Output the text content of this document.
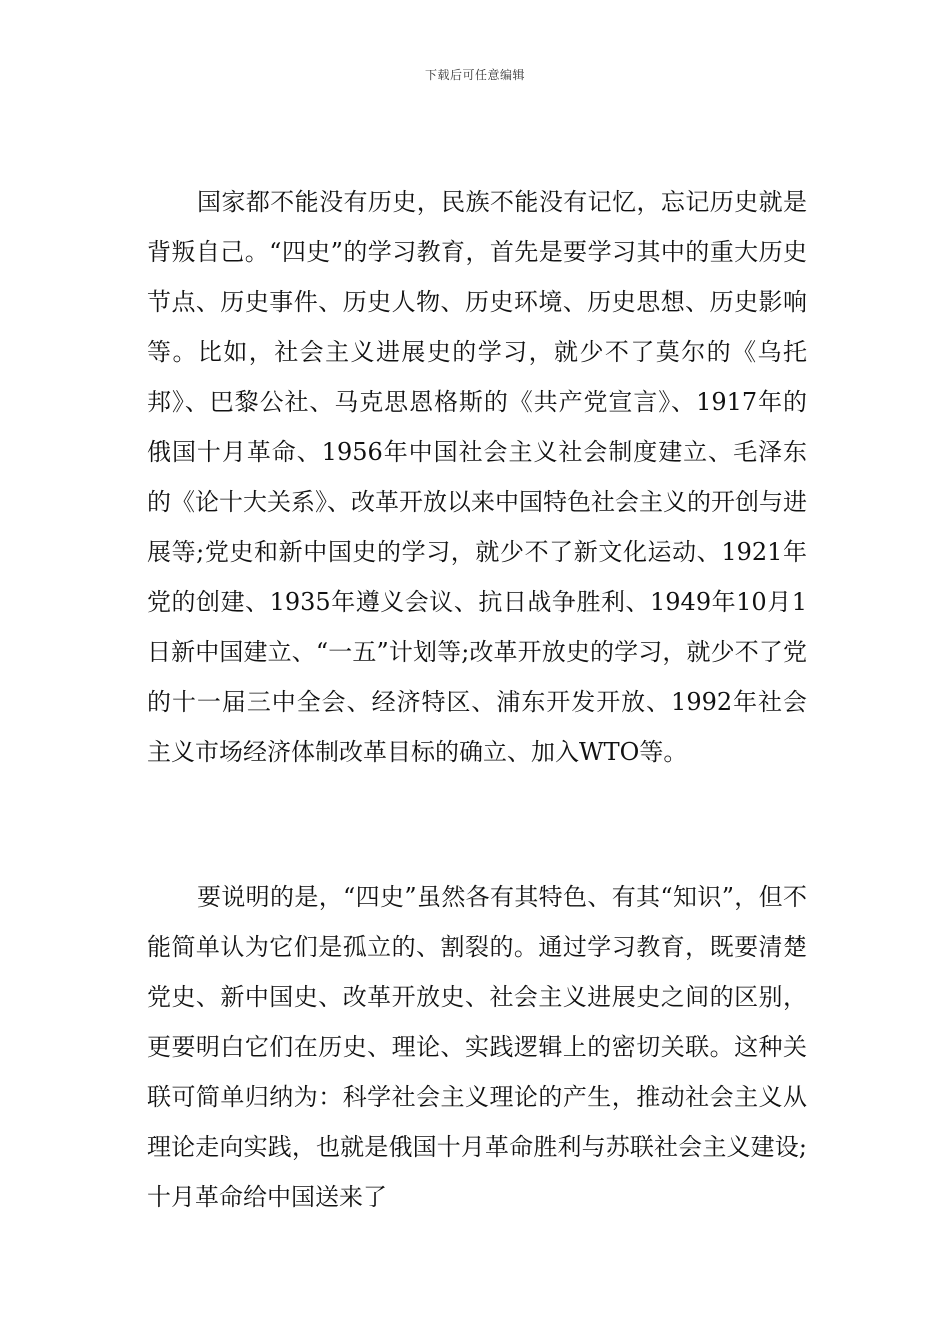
下载后可任意编辑

国家都不能没有历史，民族不能没有记忆，忘记历史就是背叛自己。“四史”的学习教育，首先是要学习其中的重大历史节点、历史事件、历史人物、历史环境、历史思想、历史影响等。比如，社会主义进展史的学习，就少不了莫尔的《乌托邦》、巴黎公社、马克思恩格斯的《共产党宣言》、1917年的俄国十月革命、1956年中国社会主义社会制度建立、毛泽东的《论十大关系》、改革开放以来中国特色社会主义的开创与进展等;党史和新中国史的学习，就少不了新文化运动、1921年党的创建、1935年遵义会议、抗日战争胜利、1949年10月1日新中国建立、“一五”计划等;改革开放史的学习，就少不了党的十一届三中全会、经济特区、浦东开发开放、1992年社会主义市场经济体制改革目标的确立、加入WTO等。

要说明的是，“四史”虽然各有其特色、有其“知识”，但不能简单认为它们是孤立的、割裂的。通过学习教育，既要清楚党史、新中国史、改革开放史、社会主义进展史之间的区别，更要明白它们在历史、理论、实践逻辑上的密切关联。这种关联可简单归纳为：科学社会主义理论的产生，推动社会主义从理论走向实践，也就是俄国十月革命胜利与苏联社会主义建设;十月革命给中国送来了
